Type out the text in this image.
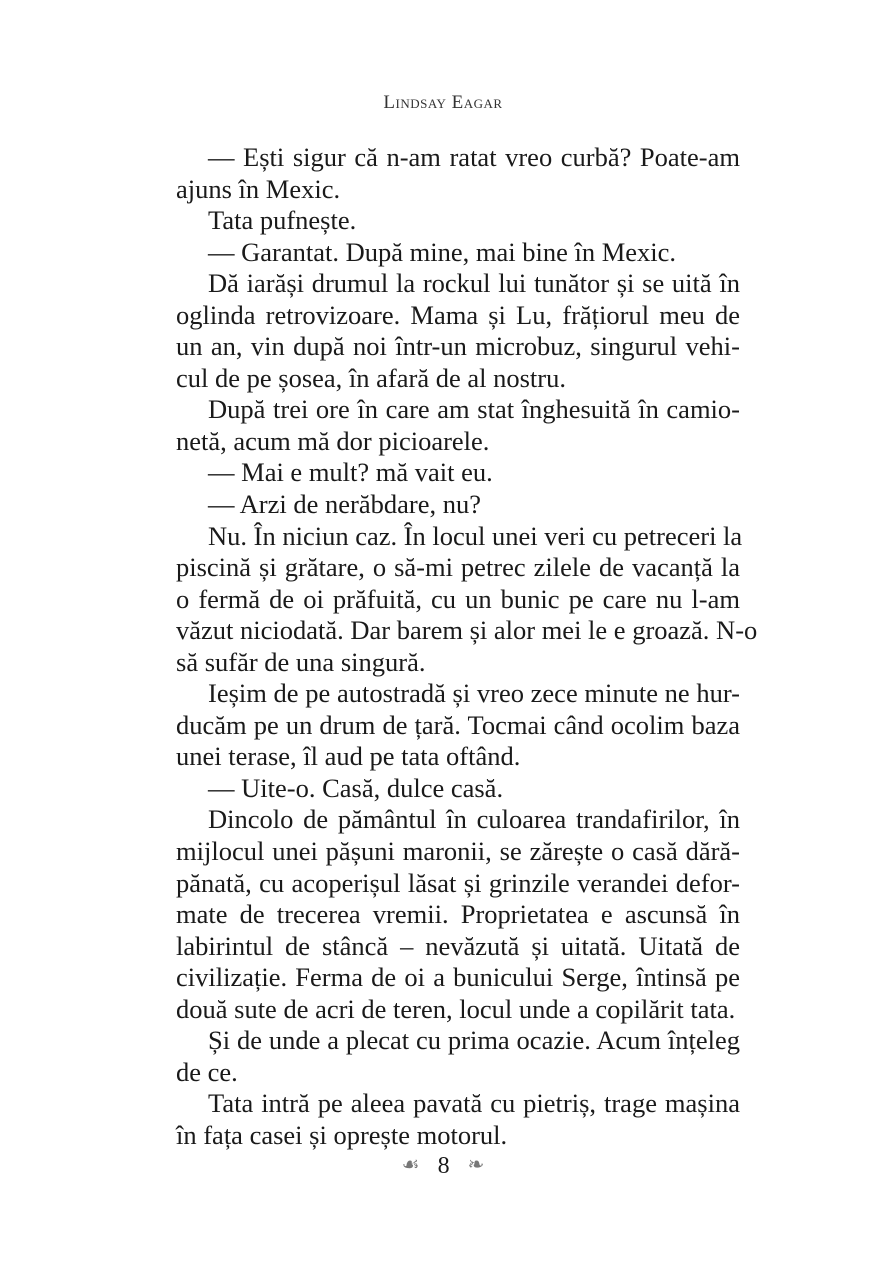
Lindsay Eagar
— Ești sigur că n-am ratat vreo curbă? Poate-am
ajuns în Mexic.
Tata pufnește.
— Garantat. După mine, mai bine în Mexic.
Dă iarăși drumul la rockul lui tunător și se uită în
oglinda retrovizoare. Mama și Lu, frățiorul meu de
un an, vin după noi într-un microbuz, singurul vehi-
cul de pe șosea, în afară de al nostru.
După trei ore în care am stat înghesuită în camio-
netă, acum mă dor picioarele.
— Mai e mult? mă vait eu.
— Arzi de nerăbdare, nu?
Nu. În niciun caz. În locul unei veri cu petreceri la
piscină și grătare, o să-mi petrec zilele de vacanță la
o fermă de oi prăfuită, cu un bunic pe care nu l-am
văzut niciodată. Dar barem și alor mei le e groază. N-o
să sufăr de una singură.
Ieșim de pe autostradă și vreo zece minute ne hur-
ducăm pe un drum de țară. Tocmai când ocolim baza
unei terase, îl aud pe tata oftând.
— Uite-o. Casă, dulce casă.
Dincolo de pământul în culoarea trandafirilor, în
mijlocul unei pășuni maronii, se zărește o casă dără-
pănată, cu acoperișul lăsat și grinzile verandei defor-
mate de trecerea vremii. Proprietatea e ascunsă în
labirintul de stâncă – nevăzută și uitată. Uitată de
civilizație. Ferma de oi a bunicului Serge, întinsă pe
două sute de acri de teren, locul unde a copilărit tata.
Și de unde a plecat cu prima ocazie. Acum înțeleg
de ce.
Tata intră pe aleea pavată cu pietriș, trage mașina
în fața casei și oprește motorul.
☙ 8 ❧
